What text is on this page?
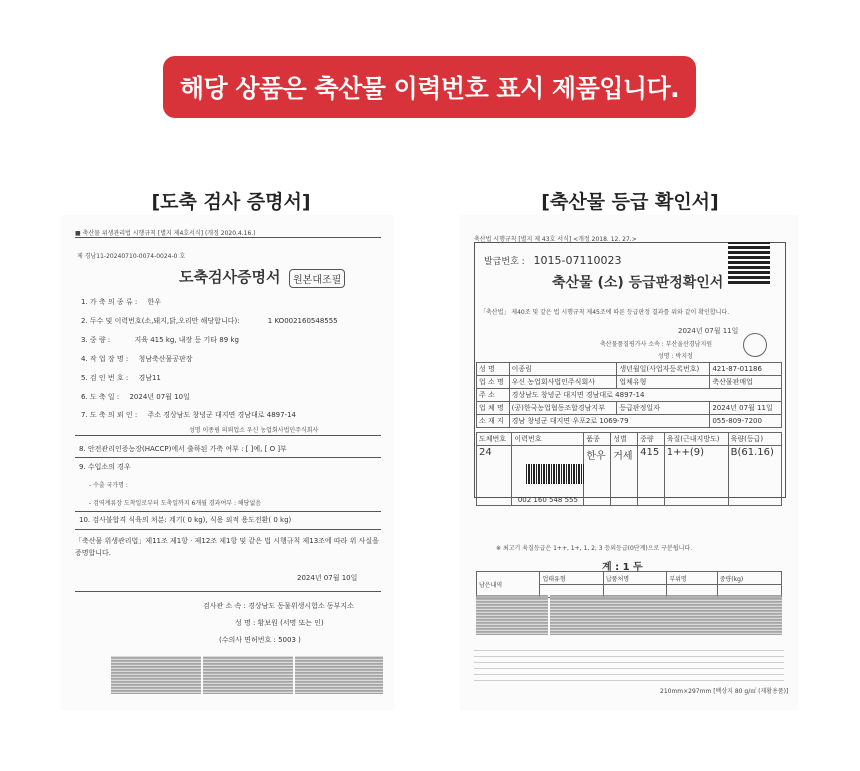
해당 상품은 축산물 이력번호 표시 제품입니다.
[도축 검사 증명서]	[축산물 등급 확인서]
■ 축산물 위생관리법 시행규칙 [별지 제4호서식] (개정 2020.4.16.)
제 경남11-20240710-0074-0024-0 호
도축검사증명서	원본대조필
1. 가 축 의 종 류 : 한우
2. 두수 및 이력번호(소,돼지,닭,오리만 해당합니다):	1 KO002160548555
3. 중 량 :	지육 415 kg, 내장 등 기타 89 kg
4. 작 업 장 명 : 청남축산물공판장
5. 검 인 번 호 : 경남11
6. 도 축 일 : 2024년 07월 10일
7. 도 축 의 뢰 인 : 주소 경상남도 창녕군 대지면 경남대로 4897-14
성명 이종림 의뢰업소 우신 농업회사법인주식회사
8. 안전관리인증농장(HACCP)에서 출하된 가축 여부 : [ ]예, [ O ]부
9. 수입소의 경우
- 수출 국가명 :
- 검역계류장 도착일로부터 도축일까지 6개월 경과여부 : 해당없음
10. 검사불합격 식육의 처분: 계기( 0 kg), 식용 외적 용도전환( 0 kg)
「축산물 위생관리법」제11조 제1항 · 제12조 제1항 및 같은 법 시행규칙 제13조에 따라 위 사실을 증명합니다.
2024년 07월 10일
검사관 소 속 : 경상남도 동물위생시험소 동부지소
성 명 : 황보원 (서명 또는 인)
(수의사 면허번호 : 5003 )
축산법 시행규칙 [별지 제 43호 서식] <개정 2018. 12. 27.>
발급번호 : 1015-07110023
축산물 (소) 등급판정확인서
「축산법」 제40조 및 같은 법 시행규칙 제45조에 따른 등급판정 결과를 위와 같이 확인합니다.
2024년 07월 11일
축산물품질평가사 소속 : 부산울산경남지원
성명 : 박지정
성 명	이종림	생년월일(사업자등록번호)	421-87-01186
업 소 명	우신 농업회사법인주식회사	업체유형	축산물판매업
주 소	경상남도 창녕군 대지면 경남대로 4897-14		
업 체 명	(공)한국농업협동조합경남지부	등급판정일자	2024년 07월 11일
소 재 지	경남 창녕군 대지면 우포2로 1069-79		055-809-7200
도체번호	이력번호	품종	성별	중량	육질(근내지방도)	육량(등급)
24	002 160 548 555	한우	거세	415	1++(9)	B(61.16)
※ 최고기 육질등급은 1++, 1+, 1, 2, 3 등외등급(0단계)으로 구분됩니다.
계 : 1 두
남은내역	업태유형	납품처명	부위명	중량(kg)

210mm×297mm [백상지 80 g/㎡ (재활용품)]
